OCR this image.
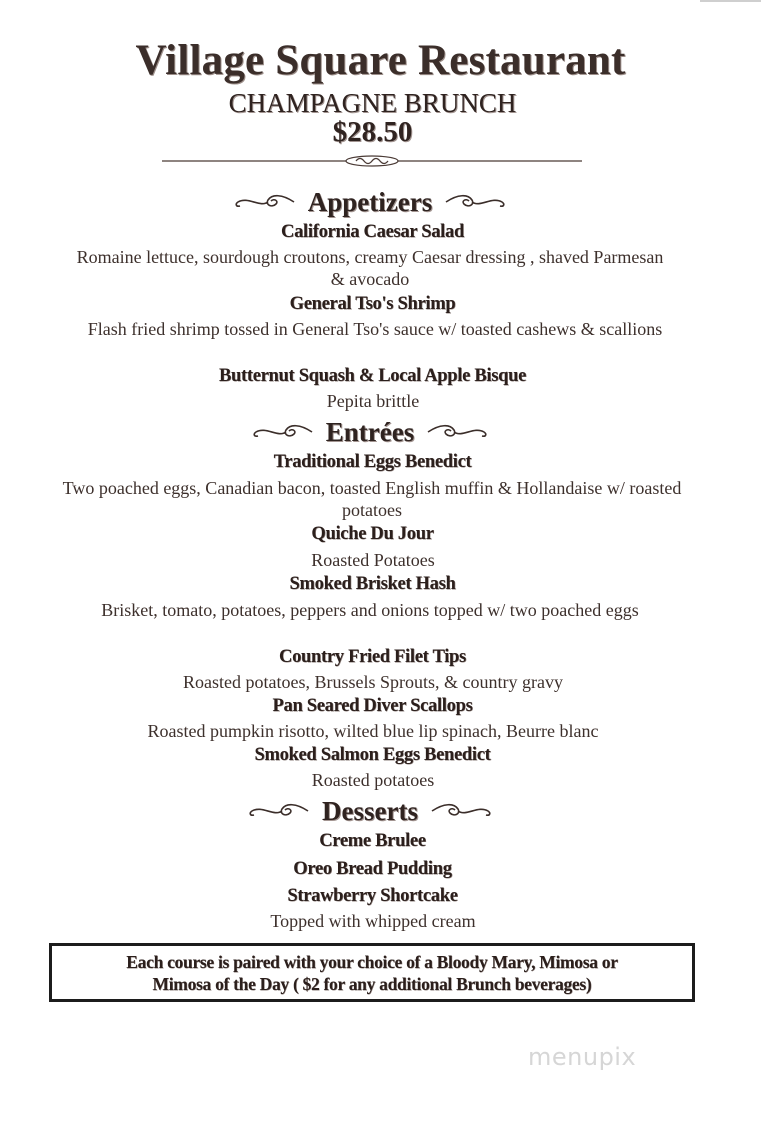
Village Square Restaurant
CHAMPAGNE BRUNCH
$28.50
Appetizers
California Caesar Salad
Romaine lettuce, sourdough croutons, creamy Caesar dressing , shaved Parmesan & avocado
General Tso's Shrimp
Flash fried shrimp tossed in General Tso's sauce w/ toasted cashews & scallions
Butternut Squash & Local Apple Bisque
Pepita brittle
Entrées
Traditional Eggs Benedict
Two poached eggs, Canadian bacon, toasted English muffin & Hollandaise w/ roasted potatoes
Quiche Du Jour
Roasted Potatoes
Smoked Brisket Hash
Brisket, tomato, potatoes, peppers and onions topped w/ two poached eggs
Country Fried Filet Tips
Roasted potatoes, Brussels Sprouts, & country gravy
Pan Seared Diver Scallops
Roasted pumpkin risotto, wilted blue lip spinach, Beurre blanc
Smoked Salmon Eggs Benedict
Roasted potatoes
Desserts
Creme Brulee
Oreo Bread Pudding
Strawberry Shortcake
Topped with whipped cream
Each course is paired with your choice of a Bloody Mary, Mimosa or
Mimosa of the Day ( $2 for any additional Brunch beverages)
menupix
